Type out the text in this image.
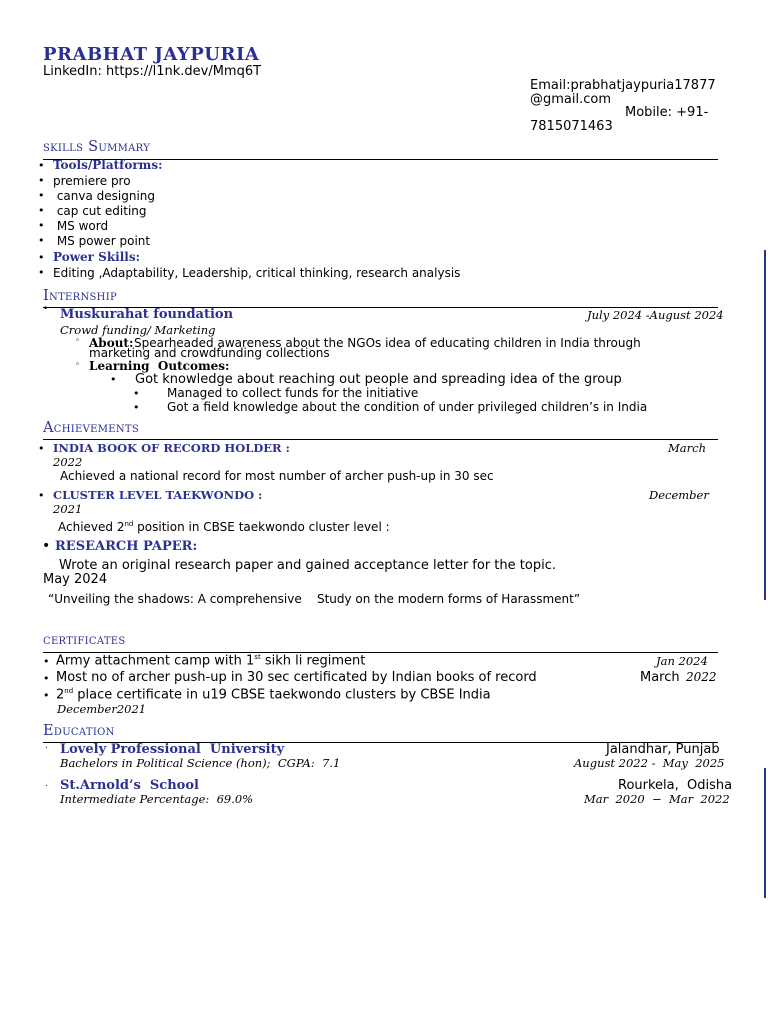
PRABHAT JAYPURIA
LinkedIn: https://l1nk.dev/Mmq6T
Email:prabhatjaypuria17877
@gmail.com
Mobile: +91-
7815071463
skills Summary
• Tools/Platforms:
• premiere pro
• canva designing
• cap cut editing
• MS word
• MS power point
• Power Skills:
• Editing ,Adaptability, Leadership, critical thinking, research analysis
Internship
• Muskurahat foundation	July 2024 -August 2024
Crowd funding/ Marketing
◦ About: Spearheaded awareness about the NGOs idea of educating children in India through
marketing and crowdfunding collections
◦ Learning  Outcomes:
• Got knowledge about reaching out people and spreading idea of the group
• Managed to collect funds for the initiative
• Got a field knowledge about the condition of under privileged children’s in India
Achievements
• INDIA BOOK OF RECORD HOLDER :	March
2022
Achieved a national record for most number of archer push-up in 30 sec
• CLUSTER LEVEL TAEKWONDO :	December
2021
Achieved 2nd position in CBSE taekwondo cluster level :
• RESEARCH PAPER:
Wrote an original research paper and gained acceptance letter for the topic.
May 2024
“Unveiling the shadows: A comprehensive    Study on the modern forms of Harassment”
certificates
• Army attachment camp with 1st sikh li regiment	Jan 2024
• Most no of archer push-up in 30 sec certificated by Indian books of record	March 2022
• 2nd place certificate in u19 CBSE taekwondo clusters by CBSE India
December2021
Education
. Lovely Professional  University	Jalandhar, Punjab
Bachelors in Political Science (hon);  CGPA:  7.1	August 2022 -  May  2025
. St.Arnold’s  School	Rourkela,  Odisha
Intermediate Percentage:  69.0%	Mar  2020  −  Mar  2022
